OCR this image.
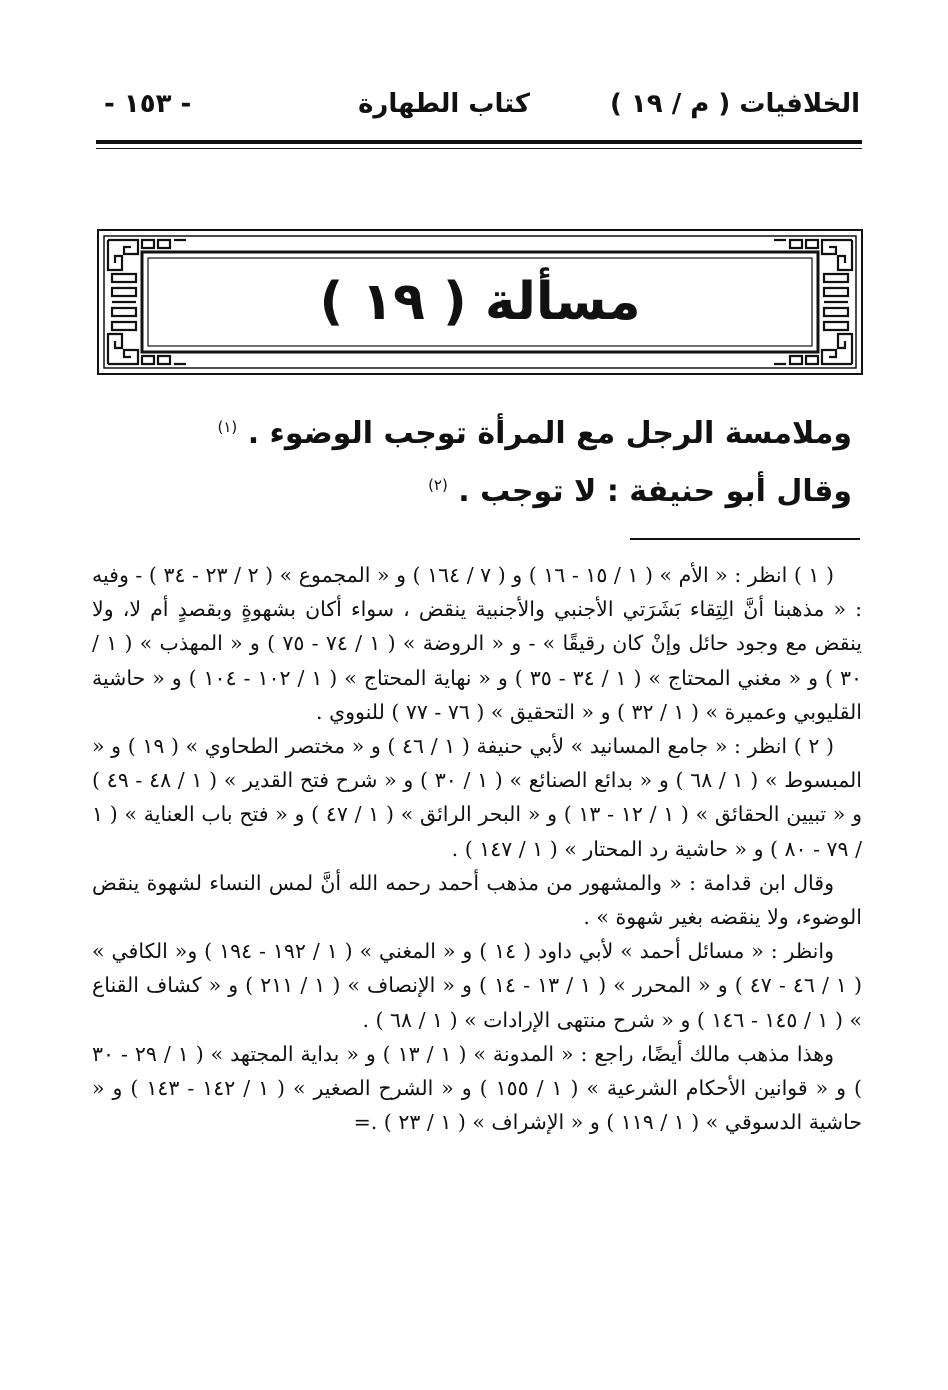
الخلافيات ( م / ١٩ )
كتاب الطهارة
- ١٥٣ -
مسألة ( ١٩ )
وملامسة الرجل مع المرأة توجب الوضوء . $^{(١)}$
وقال أبو حنيفة : لا توجب . $^{(٢)}$

( ١ ) انظر : « الأم » ( ١ / ١٥ - ١٦ ) و ( ٧ / ١٦٤ ) و « المجموع » ( ٢ / ٢٣ - ٣٤ ) - وفيه : « مذهبنا أنَّ الِتِقاء بَشَرَتي الأجنبي والأجنبية ينقض ، سواء أكان بشهوةٍ وبقصدٍ أم لا، ولا ينقض مع وجود حائل وإنْ كان رقيقًا » - و « الروضة » ( ١ / ٧٤ - ٧٥ ) و « المهذب » ( ١ / ٣٠ ) و « مغني المحتاج » ( ١ / ٣٤ - ٣٥ ) و « نهاية المحتاج » ( ١ / ١٠٢ - ١٠٤ ) و « حاشية القليوبي وعميرة » ( ١ / ٣٢ ) و « التحقيق » ( ٧٦ - ٧٧ ) للنووي .

( ٢ ) انظر : « جامع المسانيد » لأبي حنيفة ( ١ / ٤٦ ) و « مختصر الطحاوي » ( ١٩ ) و « المبسوط » ( ١ / ٦٨ ) و « بدائع الصنائع » ( ١ / ٣٠ ) و « شرح فتح القدير » ( ١ / ٤٨ - ٤٩ ) و « تبيين الحقائق » ( ١ / ١٢ - ١٣ ) و « البحر الرائق » ( ١ / ٤٧ ) و « فتح باب العناية » ( ١ / ٧٩ - ٨٠ ) و « حاشية رد المحتار » ( ١ / ١٤٧ ) .

وقال ابن قدامة : « والمشهور من مذهب أحمد رحمه الله أنَّ لمس النساء لشهوة ينقض الوضوء، ولا ينقضه بغير شهوة » .

وانظر : « مسائل أحمد » لأبي داود ( ١٤ ) و « المغني » ( ١ / ١٩٢ - ١٩٤ ) و« الكافي » ( ١ / ٤٦ - ٤٧ ) و « المحرر » ( ١ / ١٣ - ١٤ ) و « الإنصاف » ( ١ / ٢١١ ) و « كشاف القناع » ( ١ / ١٤٥ - ١٤٦ ) و « شرح منتهى الإرادات » ( ١ / ٦٨ ) .

وهذا مذهب مالك أيضًا، راجع : « المدونة » ( ١ / ١٣ ) و « بداية المجتهد » ( ١ / ٢٩ - ٣٠ ) و « قوانين الأحكام الشرعية » ( ١ / ١٥٥ ) و « الشرح الصغير » ( ١ / ١٤٢ - ١٤٣ ) و « حاشية الدسوقي » ( ١ / ١١٩ ) و « الإشراف » ( ١ / ٢٣ ) .=
